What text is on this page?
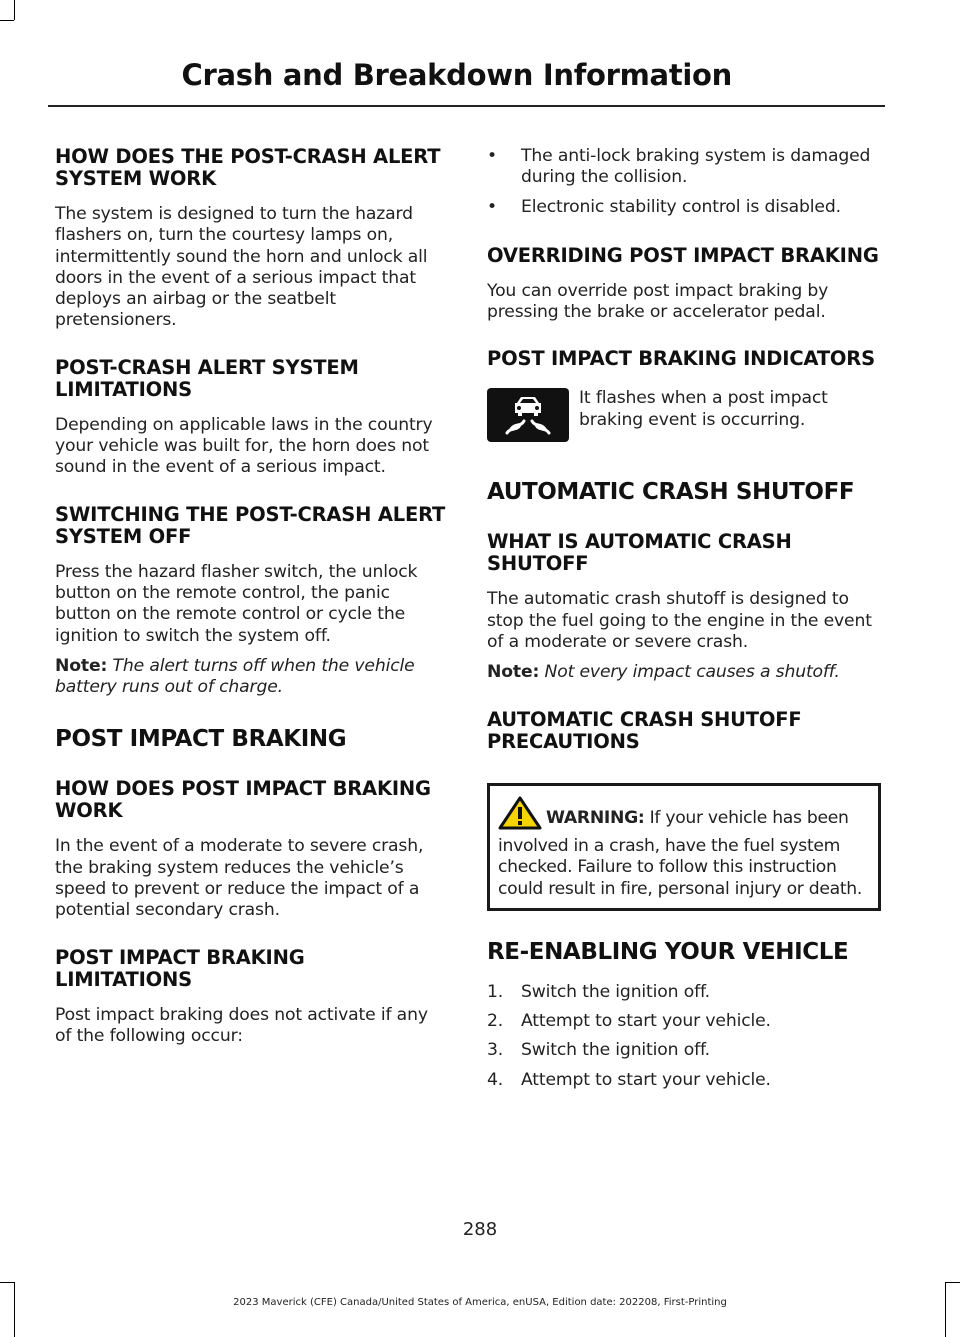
Crash and Breakdown Information
HOW DOES THE POST-CRASH ALERT SYSTEM WORK

The system is designed to turn the hazard flashers on, turn the courtesy lamps on, intermittently sound the horn and unlock all doors in the event of a serious impact that deploys an airbag or the seatbelt pretensioners.

POST-CRASH ALERT SYSTEM LIMITATIONS

Depending on applicable laws in the country your vehicle was built for, the horn does not sound in the event of a serious impact.

SWITCHING THE POST-CRASH ALERT SYSTEM OFF

Press the hazard flasher switch, the unlock button on the remote control, the panic button on the remote control or cycle the ignition to switch the system off.

Note: The alert turns off when the vehicle battery runs out of charge.

POST IMPACT BRAKING
HOW DOES POST IMPACT BRAKING WORK

In the event of a moderate to severe crash, the braking system reduces the vehicle’s speed to prevent or reduce the impact of a potential secondary crash.

POST IMPACT BRAKING LIMITATIONS

Post impact braking does not activate if any of the following occur:

• The anti-lock braking system is damaged during the collision.
• Electronic stability control is disabled.
OVERRIDING POST IMPACT BRAKING

You can override post impact braking by pressing the brake or accelerator pedal.

POST IMPACT BRAKING INDICATORS

It flashes when a post impact braking event is occurring.

AUTOMATIC CRASH SHUTOFF
WHAT IS AUTOMATIC CRASH SHUTOFF

The automatic crash shutoff is designed to stop the fuel going to the engine in the event of a moderate or severe crash.

Note: Not every impact causes a shutoff.

AUTOMATIC CRASH SHUTOFF PRECAUTIONS

WARNING: If your vehicle has been involved in a crash, have the fuel system checked. Failure to follow this instruction could result in fire, personal injury or death.

RE-ENABLING YOUR VEHICLE
1. Switch the ignition off.
2. Attempt to start your vehicle.
3. Switch the ignition off.
4. Attempt to start your vehicle.
288
2023 Maverick (CFE) Canada/United States of America, enUSA, Edition date: 202208, First-Printing
